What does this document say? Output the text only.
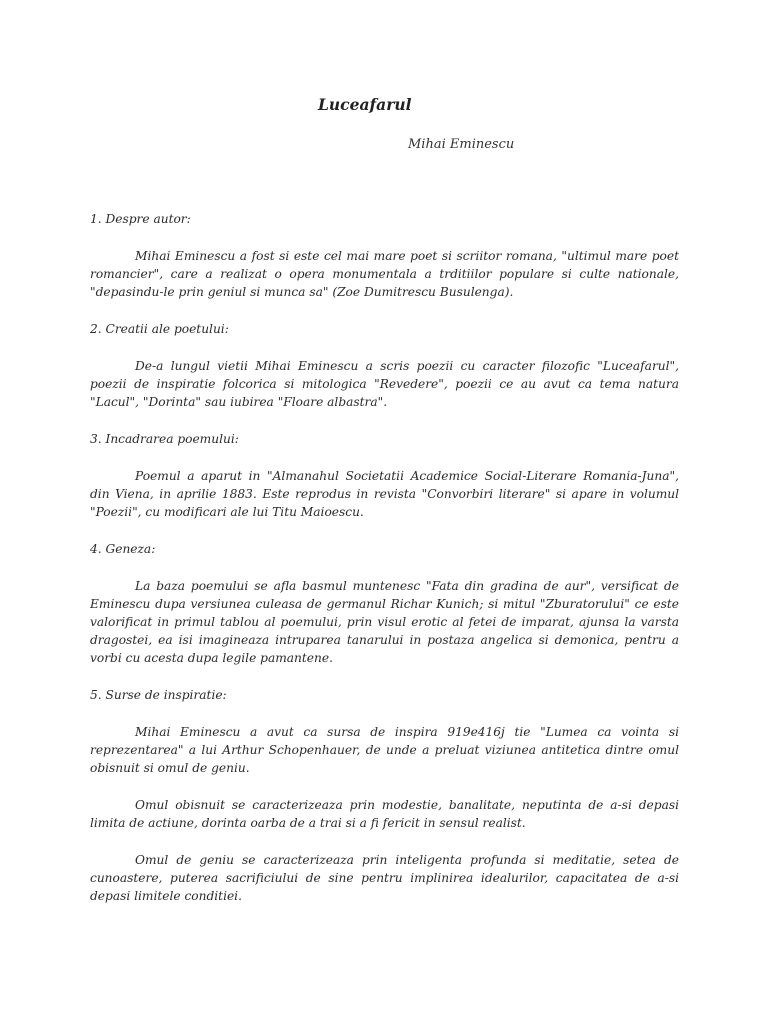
Luceafarul

Mihai Eminescu

1. Despre autor:

Mihai Eminescu a fost si este cel mai mare poet si scriitor romana, "ultimul mare poet romancier", care a realizat o opera monumentala a trditiilor populare si culte nationale, "depasindu-le prin geniul si munca sa" (Zoe Dumitrescu Busulenga).

2. Creatii ale poetului:

De-a lungul vietii Mihai Eminescu a scris poezii cu caracter filozofic "Luceafarul", poezii de inspiratie folcorica si mitologica "Revedere", poezii ce au avut ca tema natura "Lacul", "Dorinta" sau iubirea "Floare albastra".

3. Incadrarea poemului:

Poemul a aparut in "Almanahul Societatii Academice Social-Literare Romania-Juna", din Viena, in aprilie 1883. Este reprodus in revista "Convorbiri literare" si apare in volumul "Poezii", cu modificari ale lui Titu Maioescu.

4. Geneza:

La baza poemului se afla basmul muntenesc "Fata din gradina de aur", versificat de Eminescu dupa versiunea culeasa de germanul Richar Kunich; si mitul "Zburatorului" ce este valorificat in primul tablou al poemului, prin visul erotic al fetei de imparat, ajunsa la varsta dragostei, ea isi imagineaza intruparea tanarului in postaza angelica si demonica, pentru a vorbi cu acesta dupa legile pamantene.

5. Surse de inspiratie:

Mihai Eminescu a avut ca sursa de inspira 919e416j tie "Lumea ca vointa si reprezentarea" a lui Arthur Schopenhauer, de unde a preluat viziunea antitetica dintre omul obisnuit si omul de geniu.

Omul obisnuit se caracterizeaza prin modestie, banalitate, neputinta de a-si depasi limita de actiune, dorinta oarba de a trai si a fi fericit in sensul realist.

Omul de geniu se caracterizeaza prin inteligenta profunda si meditatie, setea de cunoastere, puterea sacrificiului de sine pentru implinirea idealurilor, capacitatea de a-si depasi limitele conditiei.
